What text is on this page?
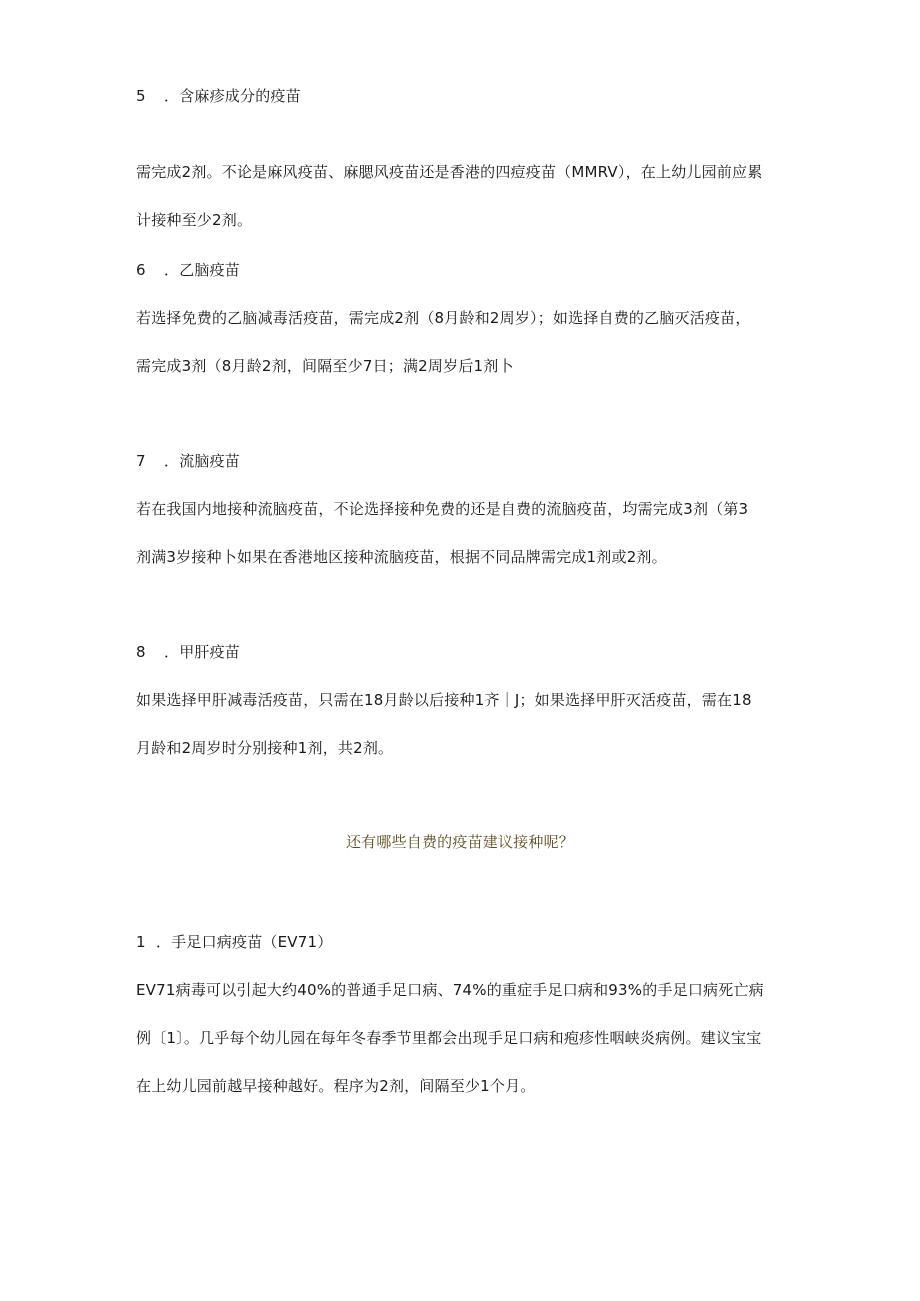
5 ．含麻疹成分的疫苗
需完成2剂。不论是麻风疫苗、麻腮风疫苗还是香港的四痘疫苗（MMRV），在上幼儿园前应累
计接种至少2剂。
6 ．乙脑疫苗
若选择免费的乙脑减毒活疫苗，需完成2剂（8月龄和2周岁）；如选择自费的乙脑灭活疫苗，
需完成3剂（8月龄2剂，间隔至少7日；满2周岁后1剂卜
7 ．流脑疫苗
若在我国内地接种流脑疫苗，不论选择接种免费的还是自费的流脑疫苗，均需完成3剂（第3
剂满3岁接种卜如果在香港地区接种流脑疫苗，根据不同品牌需完成1剂或2剂。
8 ．甲肝疫苗
如果选择甲肝减毒活疫苗，只需在18月龄以后接种1齐｜J；如果选择甲肝灭活疫苗，需在18
月龄和2周岁时分别接种1剂，共2剂。
还有哪些自费的疫苗建议接种呢？
1 ．手足口病疫苗（EV71）
EV71病毒可以引起大约40%的普通手足口病、74%的重症手足口病和93%的手足口病死亡病
例〔1〕。几乎每个幼儿园在每年冬春季节里都会出现手足口病和疱疹性咽峡炎病例。建议宝宝
在上幼儿园前越早接种越好。程序为2剂，间隔至少1个月。
